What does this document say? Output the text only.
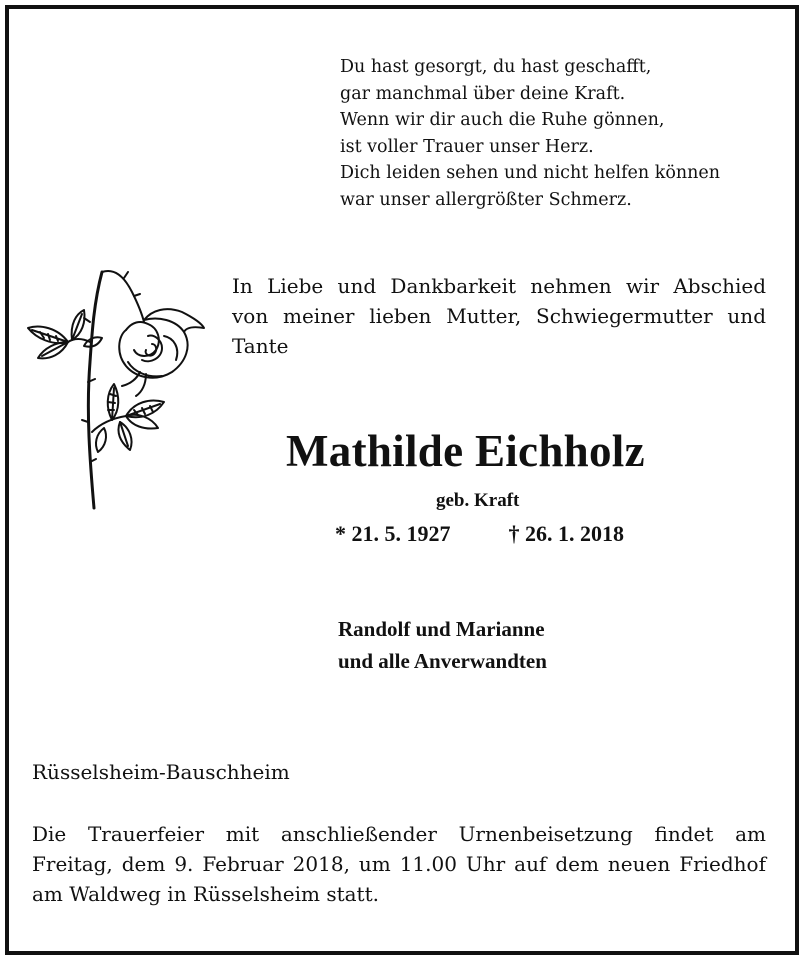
Du hast gesorgt, du hast geschafft,
gar manchmal über deine Kraft.
Wenn wir dir auch die Ruhe gönnen,
ist voller Trauer unser Herz.
Dich leiden sehen und nicht helfen können
war unser allergrößter Schmerz.
In Liebe und Dankbarkeit nehmen wir Abschied
von meiner lieben Mutter, Schwiegermutter und
Tante
Mathilde Eichholz
geb. Kraft
* 21. 5. 1927	† 26. 1. 2018
Randolf und Marianne
und alle Anverwandten
Rüsselsheim-Bauschheim
Die Trauerfeier mit anschließender Urnenbeisetzung findet am
Freitag, dem 9. Februar 2018, um 11.00 Uhr auf dem neuen Friedhof
am Waldweg in Rüsselsheim statt.
